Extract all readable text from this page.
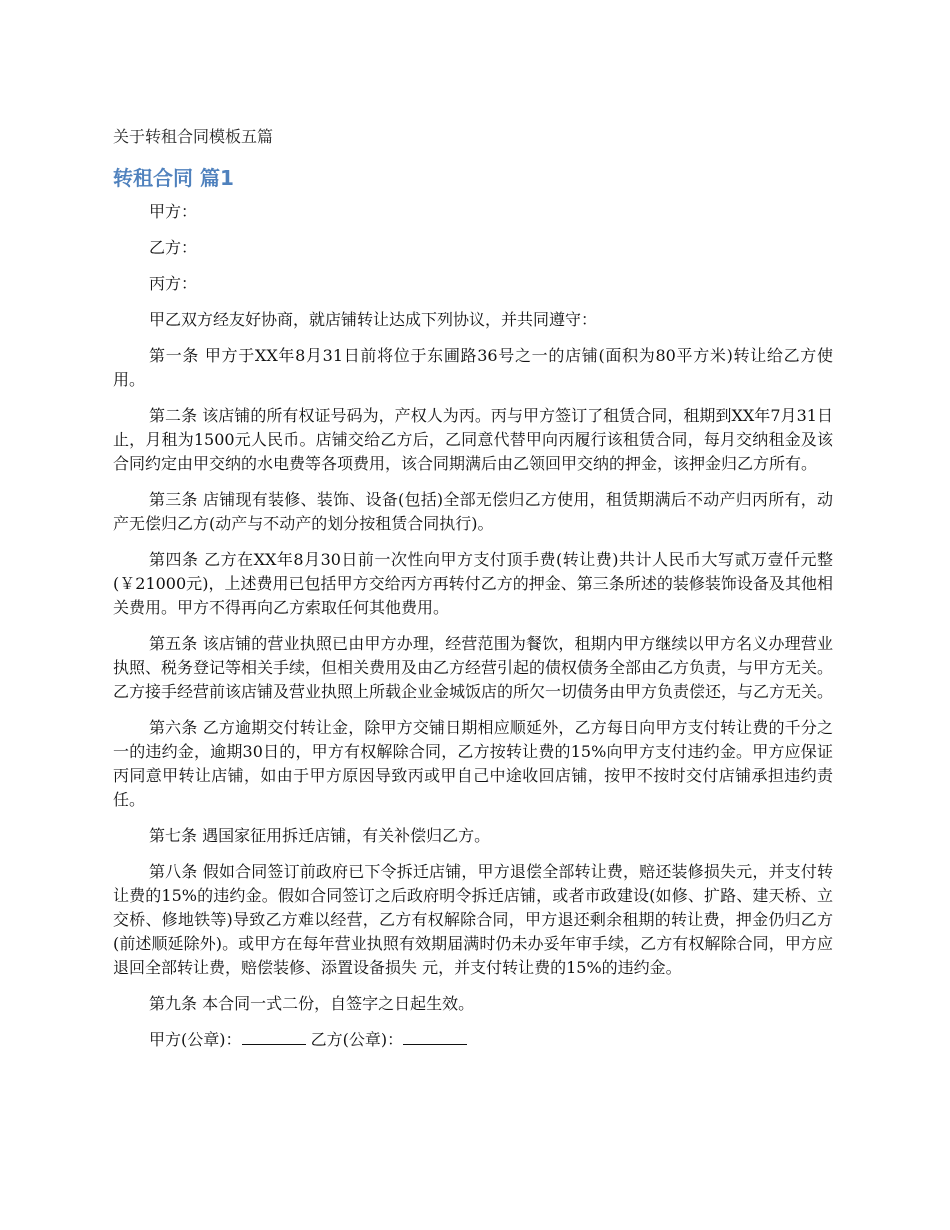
关于转租合同模板五篇
转租合同 篇1

甲方：

乙方：

丙方：

甲乙双方经友好协商，就店铺转让达成下列协议，并共同遵守：

第一条 甲方于XX年8月31日前将位于东圃路36号之一的店铺(面积为80平方米)转让给乙方使用。

第二条 该店铺的所有权证号码为，产权人为丙。丙与甲方签订了租赁合同，租期到XX年7月31日止，月租为1500元人民币。店铺交给乙方后，乙同意代替甲向丙履行该租赁合同，每月交纳租金及该合同约定由甲交纳的水电费等各项费用，该合同期满后由乙领回甲交纳的押金，该押金归乙方所有。

第三条 店铺现有装修、装饰、设备(包括)全部无偿归乙方使用，租赁期满后不动产归丙所有，动产无偿归乙方(动产与不动产的划分按租赁合同执行)。

第四条 乙方在XX年8月30日前一次性向甲方支付顶手费(转让费)共计人民币大写贰万壹仟元整(￥21000元)，上述费用已包括甲方交给丙方再转付乙方的押金、第三条所述的装修装饰设备及其他相关费用。甲方不得再向乙方索取任何其他费用。

第五条 该店铺的营业执照已由甲方办理，经营范围为餐饮，租期内甲方继续以甲方名义办理营业执照、税务登记等相关手续，但相关费用及由乙方经营引起的债权债务全部由乙方负责，与甲方无关。乙方接手经营前该店铺及营业执照上所载企业金城饭店的所欠一切债务由甲方负责偿还，与乙方无关。

第六条 乙方逾期交付转让金，除甲方交铺日期相应顺延外，乙方每日向甲方支付转让费的千分之一的违约金，逾期30日的，甲方有权解除合同，乙方按转让费的15%向甲方支付违约金。甲方应保证丙同意甲转让店铺，如由于甲方原因导致丙或甲自己中途收回店铺，按甲不按时交付店铺承担违约责任。

第七条 遇国家征用拆迁店铺，有关补偿归乙方。

第八条 假如合同签订前政府已下令拆迁店铺，甲方退偿全部转让费，赔还装修损失元，并支付转让费的15%的违约金。假如合同签订之后政府明令拆迁店铺，或者市政建设(如修、扩路、建天桥、立交桥、修地铁等)导致乙方难以经营，乙方有权解除合同，甲方退还剩余租期的转让费，押金仍归乙方(前述顺延除外)。或甲方在每年营业执照有效期届满时仍未办妥年审手续，乙方有权解除合同，甲方应退回全部转让费，赔偿装修、添置设备损失 元，并支付转让费的15%的违约金。

第九条 本合同一式二份，自签字之日起生效。

甲方(公章)：	乙方(公章)：
